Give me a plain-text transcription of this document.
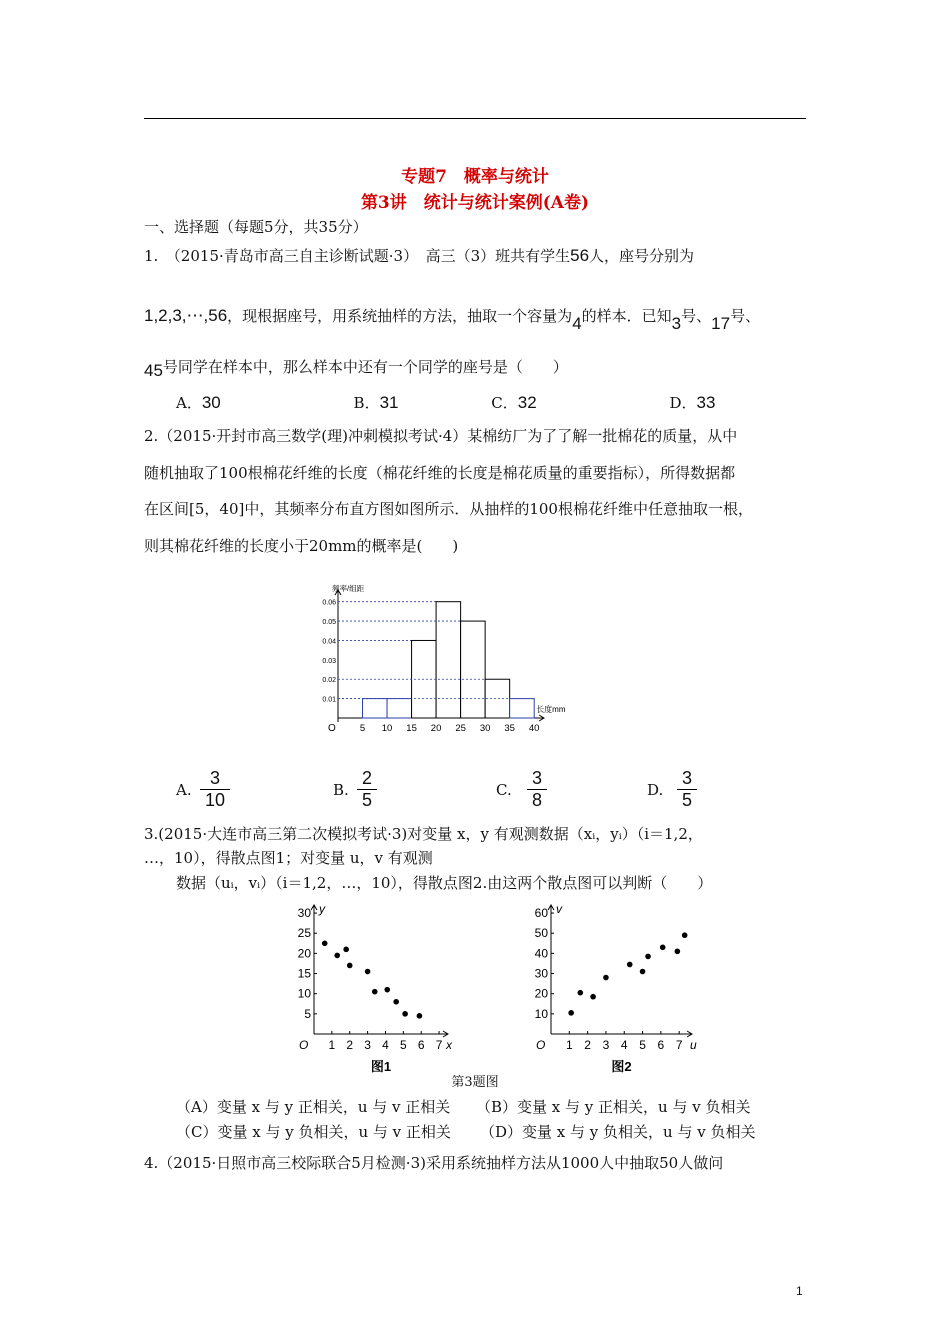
专题7　概率与统计
第3讲　统计与统计案例(A卷)
一、选择题（每题5分，共35分）
1.　（2015·青岛市高三自主诊断试题·3）　高三（3）班共有学生56人，座号分别为
1,2,3,⋯,56，现根据座号，用系统抽样的方法，抽取一个容量为4的样本．已知3号、17号、
45号同学在样本中，那么样本中还有一个同学的座号是（　　）
A．30	B．31	C．32	D．33
2.（2015·开封市高三数学(理)冲刺模拟考试·4）某棉纺厂为了了解一批棉花的质量，从中
随机抽取了100根棉花纤维的长度（棉花纤维的长度是棉花质量的重要指标），所得数据都
在区间[5，40]中，其频率分布直方图如图所示．从抽样的100根棉花纤维中任意抽取一根，
则其棉花纤维的长度小于20mm的概率是(　　)
0.01
0.02
0.03
0.04
0.05
0.06
5 10 15 20 25 30 35 40
O
频率/组距
长度mm
A. $\frac{3}{10}$	B. $\frac{2}{5}$	C. $\frac{3}{8}$	D. $\frac{3}{5}$
3.(2015·大连市高三第二次模拟考试·3)对变量 x，y 有观测数据（xᵢ，yᵢ）（i＝1,2，
…，10），得散点图1；对变量 u，v 有观测
数据（uᵢ，vᵢ）（i＝1,2，…，10），得散点图2.由这两个散点图可以判断（　　）
5
10
15
20
25
30
1 2 3 4 5 6 7
O	x
y
图1
10
20
30
40
50
60
1 2 3 4 5 6 7
O	u
v
图2
第3题图
（A）变量 x 与 y 正相关，u 与 v 正相关 （B）变量 x 与 y 正相关，u 与 v 负相关
（C）变量 x 与 y 负相关，u 与 v 正相关 （D）变量 x 与 y 负相关，u 与 v 负相关
4.（2015·日照市高三校际联合5月检测·3)采用系统抽样方法从1000人中抽取50人做问
1
